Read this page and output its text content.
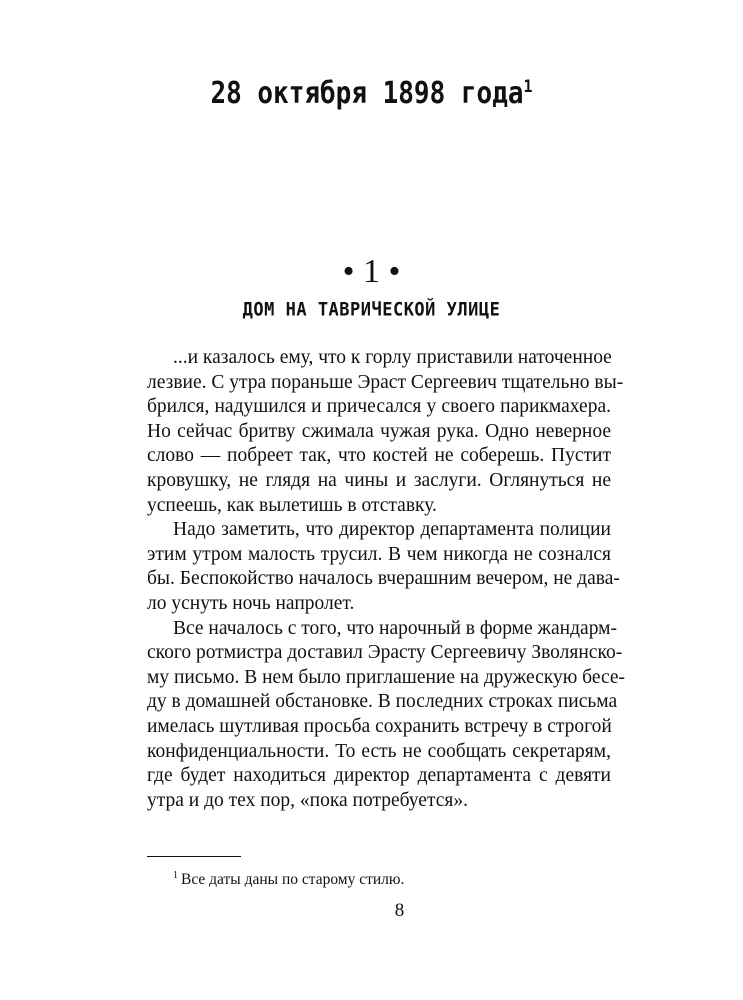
28 октября 1898 года$^1$
• 1 •
ДОМ НА ТАВРИЧЕСКОЙ УЛИЦЕ
...и казалось ему, что к горлу приставили наточенное
лезвие. С утра пораньше Эраст Сергеевич тщательно вы-
брился, надушился и причесался у своего парикмахера.
Но сейчас бритву сжимала чужая рука. Одно неверное
слово — побреет так, что костей не соберешь. Пустит
кровушку, не глядя на чины и заслуги. Оглянуться не
успеешь, как вылетишь в отставку.
Надо заметить, что директор департамента полиции
этим утром малость трусил. В чем никогда не сознался
бы. Беспокойство началось вчерашним вечером, не дава-
ло уснуть ночь напролет.
Все началось с того, что нарочный в форме жандарм-
ского ротмистра доставил Эрасту Сергеевичу Зволянско-
му письмо. В нем было приглашение на дружескую бесе-
ду в домашней обстановке. В последних строках письма
имелась шутливая просьба сохранить встречу в строгой
конфиденциальности. То есть не сообщать секретарям,
где будет находиться директор департамента с девяти
утра и до тех пор, «пока потребуется».
$^1$ Все даты даны по старому стилю.
8
